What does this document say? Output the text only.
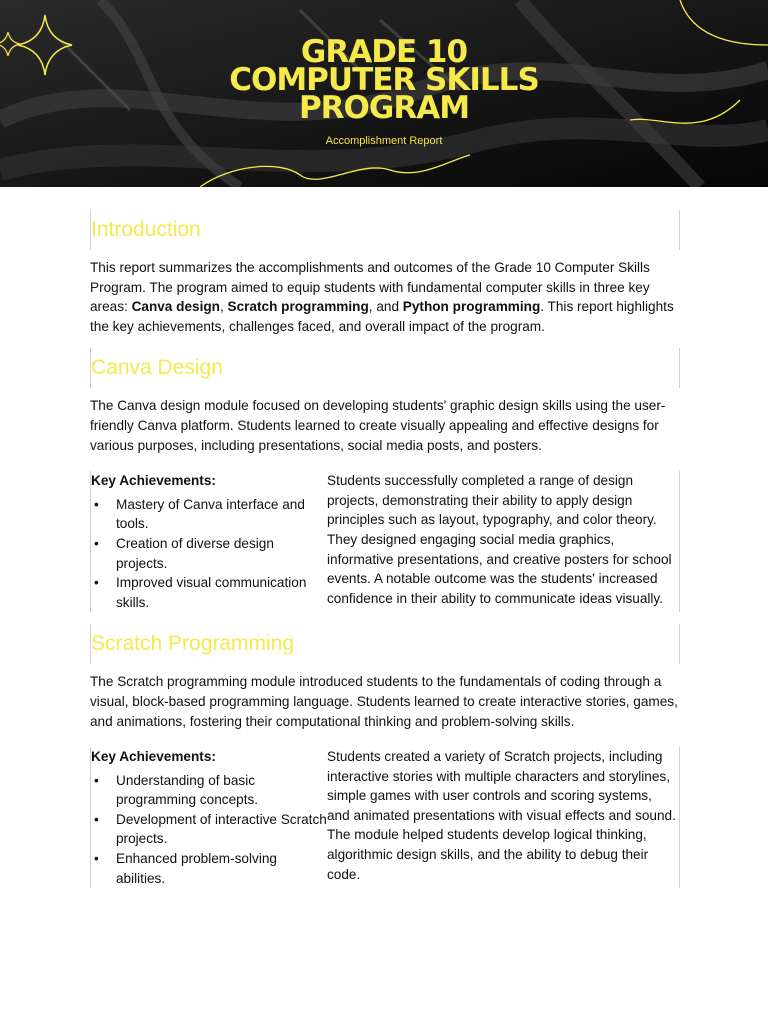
GRADE 10
COMPUTER SKILLS
PROGRAM
Accomplishment Report
Introduction

This report summarizes the accomplishments and outcomes of the Grade 10 Computer Skills Program. The program aimed to equip students with fundamental computer skills in three key areas: Canva design, Scratch programming, and Python programming. This report highlights the key achievements, challenges faced, and overall impact of the program.

Canva Design

The Canva design module focused on developing students' graphic design skills using the user-friendly Canva platform. Students learned to create visually appealing and effective designs for various purposes, including presentations, social media posts, and posters.

Key Achievements:
• Mastery of Canva interface and tools.
• Creation of diverse design projects.
• Improved visual communication skills.
Students successfully completed a range of design projects, demonstrating their ability to apply design principles such as layout, typography, and color theory. They designed engaging social media graphics, informative presentations, and creative posters for school events. A notable outcome was the students' increased confidence in their ability to communicate ideas visually.
Scratch Programming

The Scratch programming module introduced students to the fundamentals of coding through a visual, block-based programming language. Students learned to create interactive stories, games, and animations, fostering their computational thinking and problem-solving skills.

Key Achievements:
• Understanding of basic programming concepts.
• Development of interactive Scratch projects.
• Enhanced problem-solving abilities.
Students created a variety of Scratch projects, including interactive stories with multiple characters and storylines, simple games with user controls and scoring systems, and animated presentations with visual effects and sound. The module helped students develop logical thinking, algorithmic design skills, and the ability to debug their code.
